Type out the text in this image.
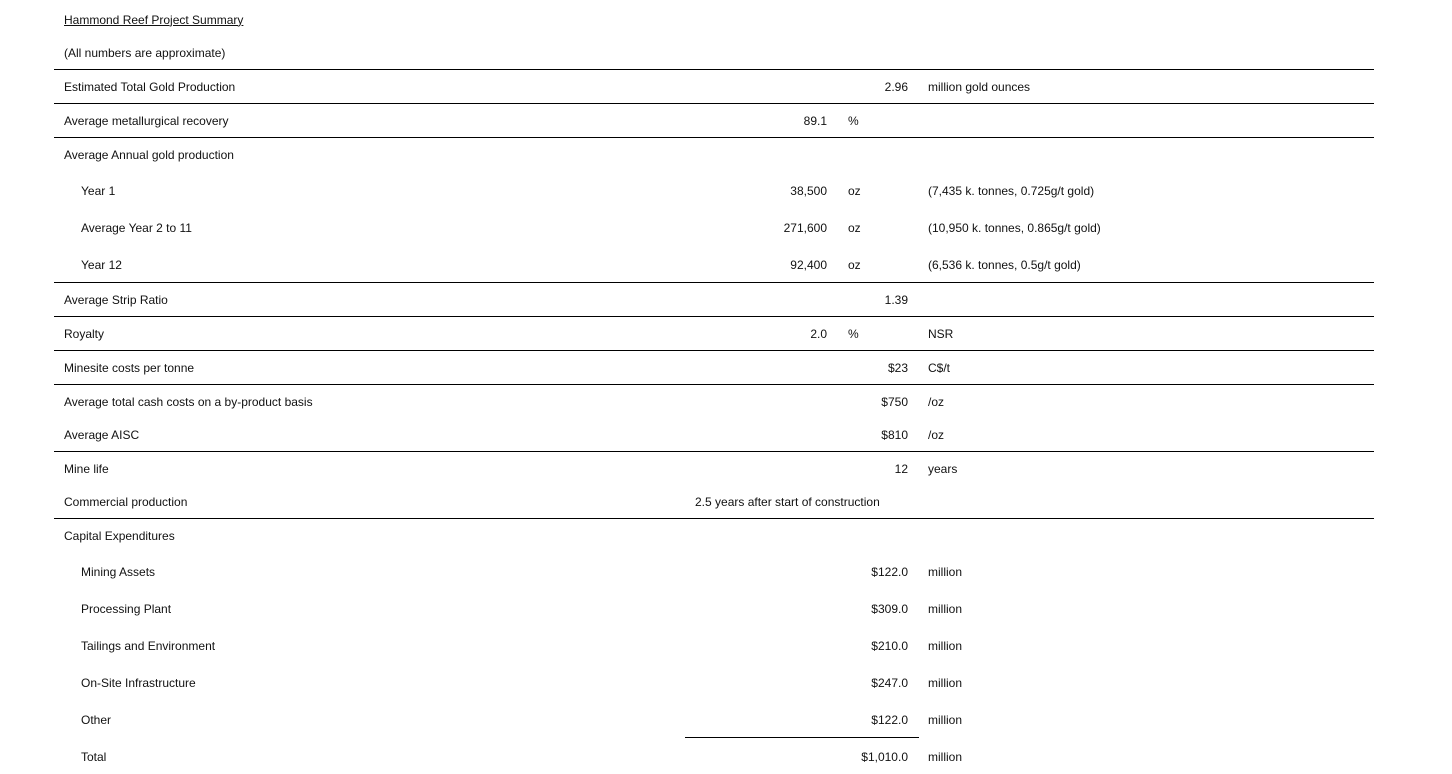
Hammond Reef Project Summary
(All numbers are approximate)
Estimated Total Gold Production	2.96 million gold ounces
Average metallurgical recovery	89.1 %
Average Annual gold production
Year 1	38,500 oz	(7,435 k. tonnes, 0.725g/t gold)
Average Year 2 to 11	271,600 oz	(10,950 k. tonnes, 0.865g/t gold)
Year 12	92,400 oz	(6,536 k. tonnes, 0.5g/t gold)
Average Strip Ratio	1.39
Royalty	2.0 %	NSR
Minesite costs per tonne	$23 C$/t
Average total cash costs on a by-product basis	$750 /oz
Average AISC	$810 /oz
Mine life	12 years
Commercial production	2.5 years after start of construction
Capital Expenditures
Mining Assets	$122.0 million
Processing Plant	$309.0 million
Tailings and Environment	$210.0 million
On-Site Infrastructure	$247.0 million
Other	$122.0 million
Total	$1,010.0 million
